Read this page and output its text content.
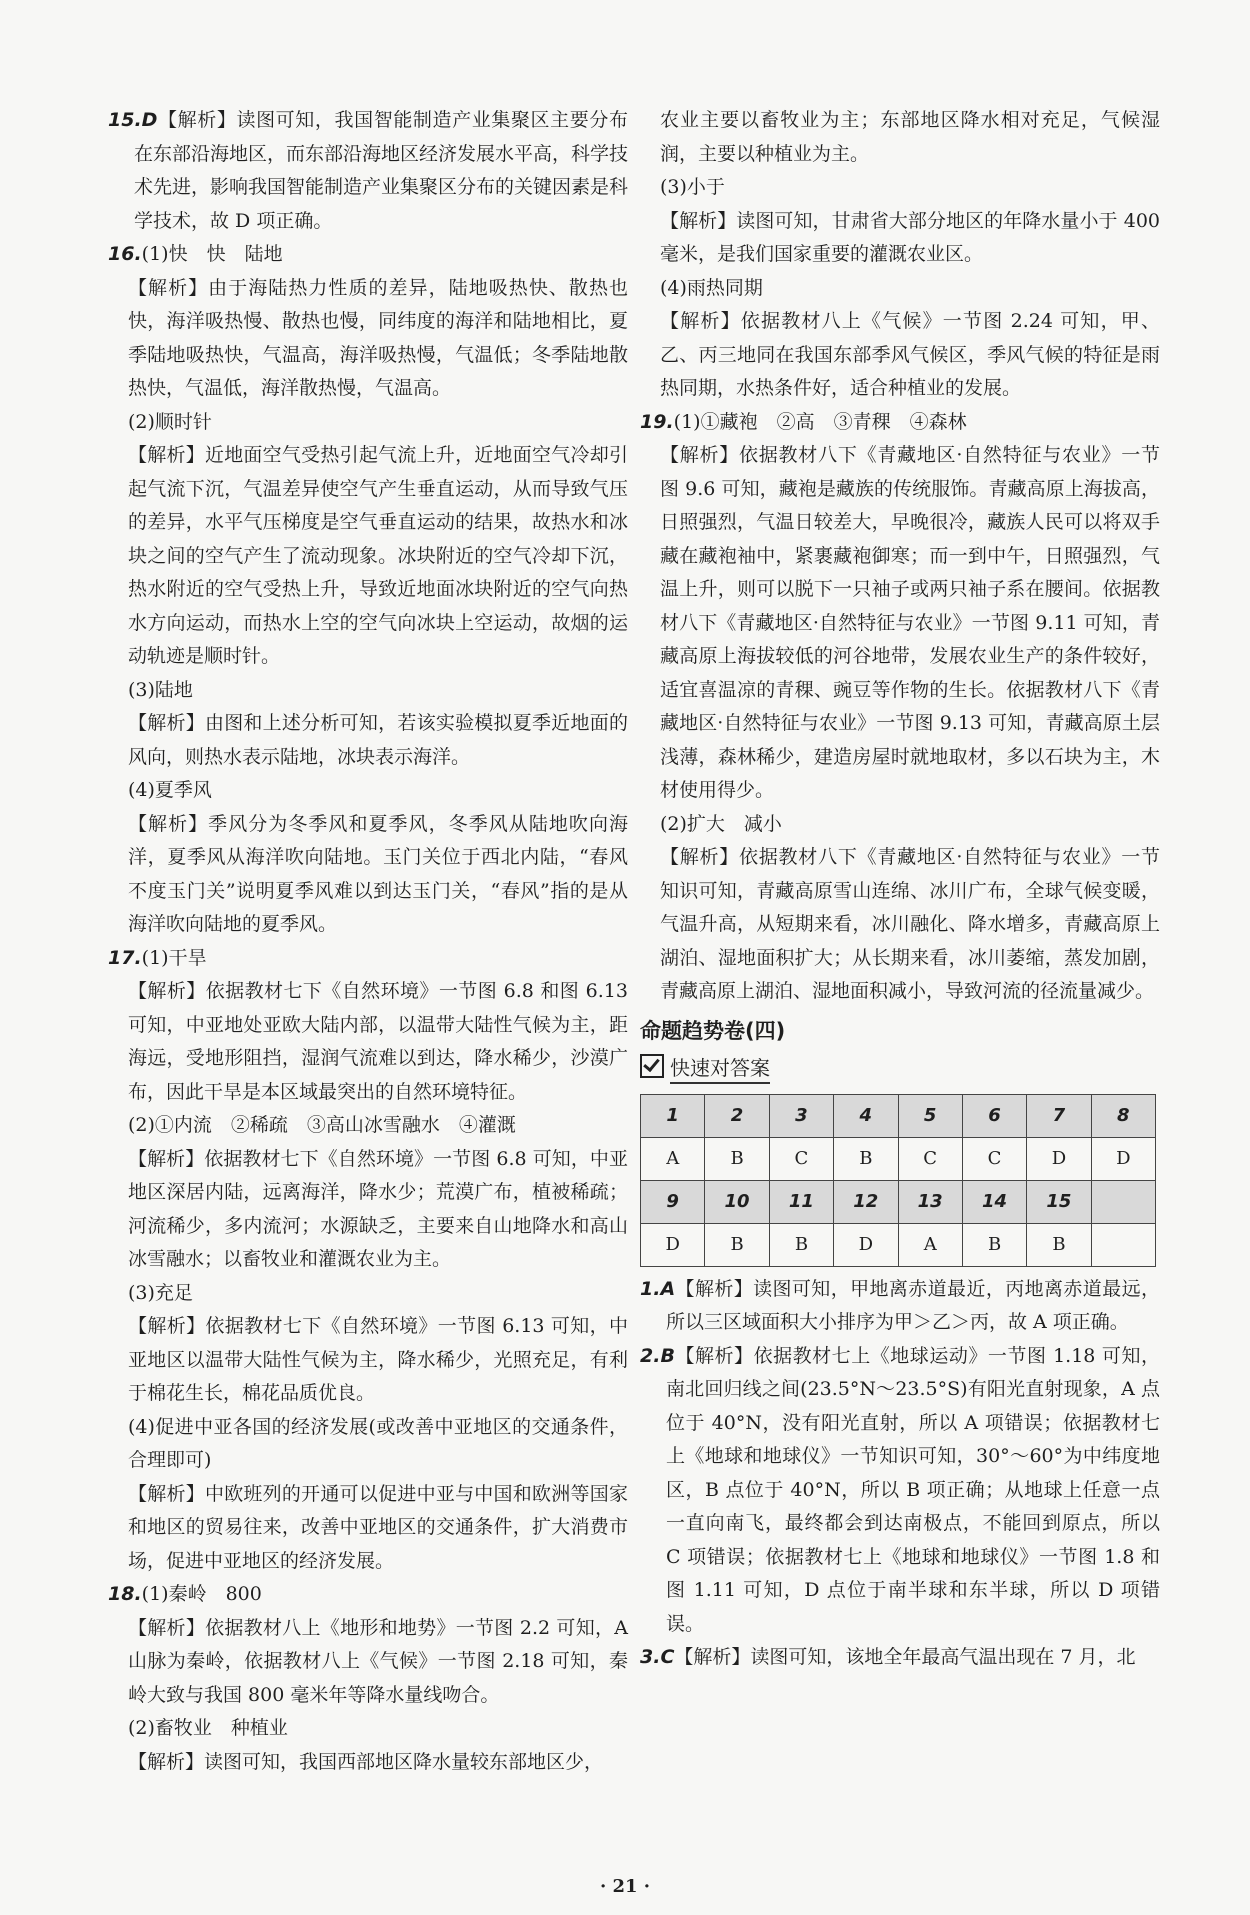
15.D【解析】读图可知，我国智能制造产业集聚区主要分布在东部沿海地区，而东部沿海地区经济发展水平高，科学技术先进，影响我国智能制造产业集聚区分布的关键因素是科学技术，故 D 项正确。

16.(1)快　快　陆地

【解析】由于海陆热力性质的差异，陆地吸热快、散热也快，海洋吸热慢、散热也慢，同纬度的海洋和陆地相比，夏季陆地吸热快，气温高，海洋吸热慢，气温低；冬季陆地散热快，气温低，海洋散热慢，气温高。

(2)顺时针

【解析】近地面空气受热引起气流上升，近地面空气冷却引起气流下沉，气温差异使空气产生垂直运动，从而导致气压的差异，水平气压梯度是空气垂直运动的结果，故热水和冰块之间的空气产生了流动现象。冰块附近的空气冷却下沉，热水附近的空气受热上升，导致近地面冰块附近的空气向热水方向运动，而热水上空的空气向冰块上空运动，故烟的运动轨迹是顺时针。

(3)陆地

【解析】由图和上述分析可知，若该实验模拟夏季近地面的风向，则热水表示陆地，冰块表示海洋。

(4)夏季风

【解析】季风分为冬季风和夏季风，冬季风从陆地吹向海洋，夏季风从海洋吹向陆地。玉门关位于西北内陆，“春风不度玉门关”说明夏季风难以到达玉门关，“春风”指的是从海洋吹向陆地的夏季风。

17.(1)干旱

【解析】依据教材七下《自然环境》一节图 6.8 和图 6.13 可知，中亚地处亚欧大陆内部，以温带大陆性气候为主，距海远，受地形阻挡，湿润气流难以到达，降水稀少，沙漠广布，因此干旱是本区域最突出的自然环境特征。

(2)①内流　②稀疏　③高山冰雪融水　④灌溉

【解析】依据教材七下《自然环境》一节图 6.8 可知，中亚地区深居内陆，远离海洋，降水少；荒漠广布，植被稀疏；河流稀少，多内流河；水源缺乏，主要来自山地降水和高山冰雪融水；以畜牧业和灌溉农业为主。

(3)充足

【解析】依据教材七下《自然环境》一节图 6.13 可知，中亚地区以温带大陆性气候为主，降水稀少，光照充足，有利于棉花生长，棉花品质优良。

(4)促进中亚各国的经济发展(或改善中亚地区的交通条件，合理即可)

【解析】中欧班列的开通可以促进中亚与中国和欧洲等国家和地区的贸易往来，改善中亚地区的交通条件，扩大消费市场，促进中亚地区的经济发展。

18.(1)秦岭　800

【解析】依据教材八上《地形和地势》一节图 2.2 可知，A 山脉为秦岭，依据教材八上《气候》一节图 2.18 可知，秦岭大致与我国 800 毫米年等降水量线吻合。

(2)畜牧业　种植业

【解析】读图可知，我国西部地区降水量较东部地区少，

农业主要以畜牧业为主；东部地区降水相对充足，气候湿润，主要以种植业为主。

(3)小于

【解析】读图可知，甘肃省大部分地区的年降水量小于 400 毫米，是我们国家重要的灌溉农业区。

(4)雨热同期

【解析】依据教材八上《气候》一节图 2.24 可知，甲、乙、丙三地同在我国东部季风气候区，季风气候的特征是雨热同期，水热条件好，适合种植业的发展。

19.(1)①藏袍　②高　③青稞　④森林

【解析】依据教材八下《青藏地区·自然特征与农业》一节图 9.6 可知，藏袍是藏族的传统服饰。青藏高原上海拔高，日照强烈，气温日较差大，早晚很冷，藏族人民可以将双手藏在藏袍袖中，紧裹藏袍御寒；而一到中午，日照强烈，气温上升，则可以脱下一只袖子或两只袖子系在腰间。依据教材八下《青藏地区·自然特征与农业》一节图 9.11 可知，青藏高原上海拔较低的河谷地带，发展农业生产的条件较好，适宜喜温凉的青稞、豌豆等作物的生长。依据教材八下《青藏地区·自然特征与农业》一节图 9.13 可知，青藏高原土层浅薄，森林稀少，建造房屋时就地取材，多以石块为主，木材使用得少。

(2)扩大　减小

【解析】依据教材八下《青藏地区·自然特征与农业》一节知识可知，青藏高原雪山连绵、冰川广布，全球气候变暖，气温升高，从短期来看，冰川融化、降水增多，青藏高原上湖泊、湿地面积扩大；从长期来看，冰川萎缩，蒸发加剧，青藏高原上湖泊、湿地面积减小，导致河流的径流量减少。

命题趋势卷(四)

快速对答案

1	2	3	4	5	6	7	8
A	B	C	B	C	C	D	D
9	10	11	12	13	14	15	
D	B	B	D	A	B	B	

1.A【解析】读图可知，甲地离赤道最近，丙地离赤道最远，所以三区域面积大小排序为甲＞乙＞丙，故 A 项正确。

2.B【解析】依据教材七上《地球运动》一节图 1.18 可知，南北回归线之间(23.5°N～23.5°S)有阳光直射现象，A 点位于 40°N，没有阳光直射，所以 A 项错误；依据教材七上《地球和地球仪》一节知识可知，30°～60°为中纬度地区，B 点位于 40°N，所以 B 项正确；从地球上任意一点一直向南飞，最终都会到达南极点，不能回到原点，所以 C 项错误；依据教材七上《地球和地球仪》一节图 1.8 和图 1.11 可知，D 点位于南半球和东半球，所以 D 项错误。

3.C【解析】读图可知，该地全年最高气温出现在 7 月，北

· 21 ·
